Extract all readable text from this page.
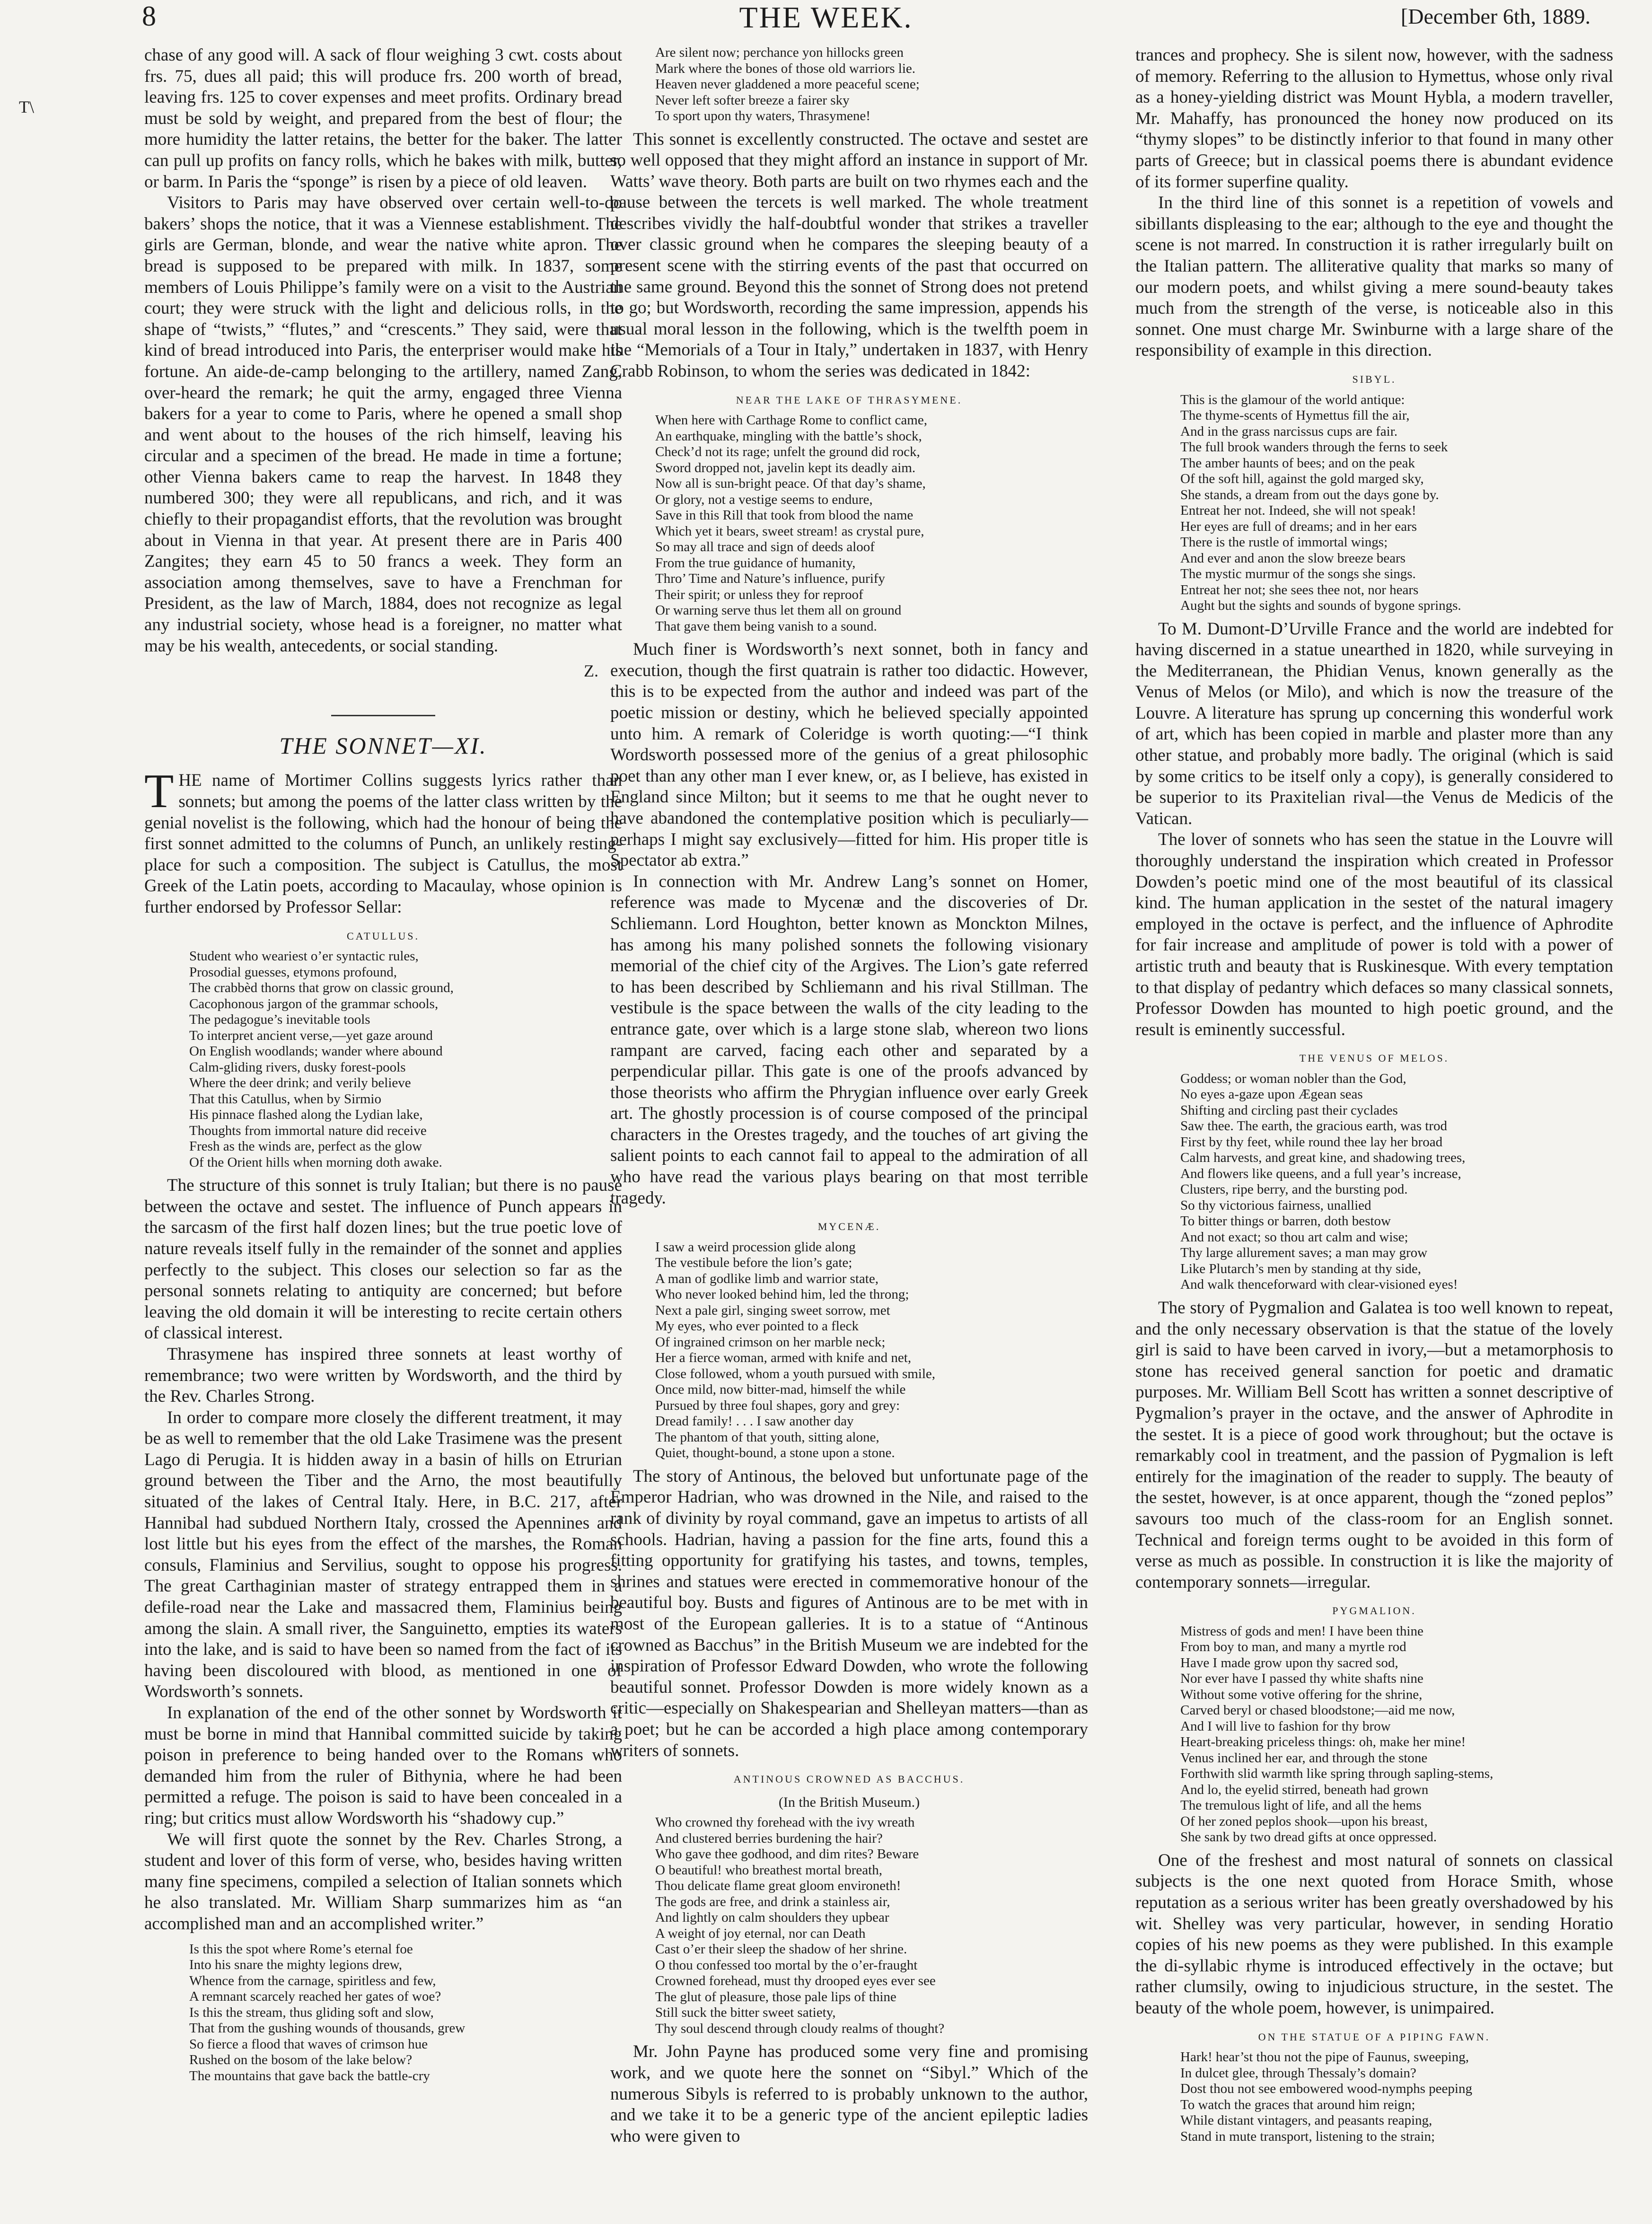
8	THE WEEK.	[December 6th, 1889.
T\

chase of any good will. A sack of flour weighing 3 cwt. costs about frs. 75, dues all paid; this will produce frs. 200 worth of bread, leaving frs. 125 to cover expenses and meet profits. Ordinary bread must be sold by weight, and prepared from the best of flour; the more humidity the latter retains, the better for the baker. The latter can pull up profits on fancy rolls, which he bakes with milk, butter, or barm. In Paris the “sponge” is risen by a piece of old leaven.

Visitors to Paris may have observed over certain well-to-do bakers’ shops the notice, that it was a Viennese establishment. The girls are German, blonde, and wear the native white apron. The bread is supposed to be prepared with milk. In 1837, some members of Louis Philippe’s family were on a visit to the Austrian court; they were struck with the light and delicious rolls, in the shape of “twists,” “flutes,” and “crescents.” They said, were that kind of bread introduced into Paris, the enterpriser would make his fortune. An aide-de-camp belonging to the artillery, named Zang, over-heard the remark; he quit the army, engaged three Vienna bakers for a year to come to Paris, where he opened a small shop and went about to the houses of the rich himself, leaving his circular and a specimen of the bread. He made in time a fortune; other Vienna bakers came to reap the harvest. In 1848 they numbered 300; they were all republicans, and rich, and it was chiefly to their propagandist efforts, that the revolution was brought about in Vienna in that year. At present there are in Paris 400 Zangites; they earn 45 to 50 francs a week. They form an association among themselves, save to have a Frenchman for President, as the law of March, 1884, does not recognize as legal any industrial society, whose head is a foreigner, no matter what may be his wealth, antecedents, or social standing.

Z.
THE SONNET—XI.

THE name of Mortimer Collins suggests lyrics rather than sonnets; but among the poems of the latter class written by the genial novelist is the following, which had the honour of being the first sonnet admitted to the columns of Punch, an unlikely resting-place for such a composition. The subject is Catullus, the most Greek of the Latin poets, according to Macaulay, whose opinion is further endorsed by Professor Sellar:

CATULLUS.
Student who weariest o’er syntactic rules,
Prosodial guesses, etymons profound,
The crabbèd thorns that grow on classic ground,
Cacophonous jargon of the grammar schools,
The pedagogue’s inevitable tools
To interpret ancient verse,—yet gaze around
On English woodlands; wander where abound
Calm-gliding rivers, dusky forest-pools
Where the deer drink; and verily believe
That this Catullus, when by Sirmio
His pinnace flashed along the Lydian lake,
Thoughts from immortal nature did receive
Fresh as the winds are, perfect as the glow
Of the Orient hills when morning doth awake.

The structure of this sonnet is truly Italian; but there is no pause between the octave and sestet. The influence of Punch appears in the sarcasm of the first half dozen lines; but the true poetic love of nature reveals itself fully in the remainder of the sonnet and applies perfectly to the subject. This closes our selection so far as the personal sonnets relating to antiquity are concerned; but before leaving the old domain it will be interesting to recite certain others of classical interest.

Thrasymene has inspired three sonnets at least worthy of remembrance; two were written by Wordsworth, and the third by the Rev. Charles Strong.

In order to compare more closely the different treatment, it may be as well to remember that the old Lake Trasimene was the present Lago di Perugia. It is hidden away in a basin of hills on Etrurian ground between the Tiber and the Arno, the most beautifully situated of the lakes of Central Italy. Here, in B.C. 217, after Hannibal had subdued Northern Italy, crossed the Apennines and lost little but his eyes from the effect of the marshes, the Roman consuls, Flaminius and Servilius, sought to oppose his progress. The great Carthaginian master of strategy entrapped them in a defile-road near the Lake and massacred them, Flaminius being among the slain. A small river, the Sanguinetto, empties its waters into the lake, and is said to have been so named from the fact of its having been discoloured with blood, as mentioned in one of Wordsworth’s sonnets.

In explanation of the end of the other sonnet by Wordsworth it must be borne in mind that Hannibal committed suicide by taking poison in preference to being handed over to the Romans who demanded him from the ruler of Bithynia, where he had been permitted a refuge. The poison is said to have been concealed in a ring; but critics must allow Wordsworth his “shadowy cup.”

We will first quote the sonnet by the Rev. Charles Strong, a student and lover of this form of verse, who, besides having written many fine specimens, compiled a selection of Italian sonnets which he also translated. Mr. William Sharp summarizes him as “an accomplished man and an accomplished writer.”

Is this the spot where Rome’s eternal foe
Into his snare the mighty legions drew,
Whence from the carnage, spiritless and few,
A remnant scarcely reached her gates of woe?
Is this the stream, thus gliding soft and slow,
That from the gushing wounds of thousands, grew
So fierce a flood that waves of crimson hue
Rushed on the bosom of the lake below?
The mountains that gave back the battle-cry
Are silent now; perchance yon hillocks green
Mark where the bones of those old warriors lie.
Heaven never gladdened a more peaceful scene;
Never left softer breeze a fairer sky
To sport upon thy waters, Thrasymene!

This sonnet is excellently constructed. The octave and sestet are so well opposed that they might afford an instance in support of Mr. Watts’ wave theory. Both parts are built on two rhymes each and the pause between the tercets is well marked. The whole treatment describes vividly the half-doubtful wonder that strikes a traveller over classic ground when he compares the sleeping beauty of a present scene with the stirring events of the past that occurred on the same ground. Beyond this the sonnet of Strong does not pretend to go; but Wordsworth, recording the same impression, appends his usual moral lesson in the following, which is the twelfth poem in the “Memorials of a Tour in Italy,” undertaken in 1837, with Henry Crabb Robinson, to whom the series was dedicated in 1842:

NEAR THE LAKE OF THRASYMENE.
When here with Carthage Rome to conflict came,
An earthquake, mingling with the battle’s shock,
Check’d not its rage; unfelt the ground did rock,
Sword dropped not, javelin kept its deadly aim.
Now all is sun-bright peace. Of that day’s shame,
Or glory, not a vestige seems to endure,
Save in this Rill that took from blood the name
Which yet it bears, sweet stream! as crystal pure,
So may all trace and sign of deeds aloof
From the true guidance of humanity,
Thro’ Time and Nature’s influence, purify
Their spirit; or unless they for reproof
Or warning serve thus let them all on ground
That gave them being vanish to a sound.

Much finer is Wordsworth’s next sonnet, both in fancy and execution, though the first quatrain is rather too didactic. However, this is to be expected from the author and indeed was part of the poetic mission or destiny, which he believed specially appointed unto him. A remark of Coleridge is worth quoting:—“I think Wordsworth possessed more of the genius of a great philosophic poet than any other man I ever knew, or, as I believe, has existed in England since Milton; but it seems to me that he ought never to have abandoned the contemplative position which is peculiarly—perhaps I might say exclusively—fitted for him. His proper title is Spectator ab extra.”

In connection with Mr. Andrew Lang’s sonnet on Homer, reference was made to Mycenæ and the discoveries of Dr. Schliemann. Lord Houghton, better known as Monckton Milnes, has among his many polished sonnets the following visionary memorial of the chief city of the Argives. The Lion’s gate referred to has been described by Schliemann and his rival Stillman. The vestibule is the space between the walls of the city leading to the entrance gate, over which is a large stone slab, whereon two lions rampant are carved, facing each other and separated by a perpendicular pillar. This gate is one of the proofs advanced by those theorists who affirm the Phrygian influence over early Greek art. The ghostly procession is of course composed of the principal characters in the Orestes tragedy, and the touches of art giving the salient points to each cannot fail to appeal to the admiration of all who have read the various plays bearing on that most terrible tragedy.

MYCENÆ.
I saw a weird procession glide along
The vestibule before the lion’s gate;
A man of godlike limb and warrior state,
Who never looked behind him, led the throng;
Next a pale girl, singing sweet sorrow, met
My eyes, who ever pointed to a fleck
Of ingrained crimson on her marble neck;
Her a fierce woman, armed with knife and net,
Close followed, whom a youth pursued with smile,
Once mild, now bitter-mad, himself the while
Pursued by three foul shapes, gory and grey:
Dread family! . . . I saw another day
The phantom of that youth, sitting alone,
Quiet, thought-bound, a stone upon a stone.

The story of Antinous, the beloved but unfortunate page of the Emperor Hadrian, who was drowned in the Nile, and raised to the rank of divinity by royal command, gave an impetus to artists of all schools. Hadrian, having a passion for the fine arts, found this a fitting opportunity for gratifying his tastes, and towns, temples, shrines and statues were erected in commemorative honour of the beautiful boy. Busts and figures of Antinous are to be met with in most of the European galleries. It is to a statue of “Antinous crowned as Bacchus” in the British Museum we are indebted for the inspiration of Professor Edward Dowden, who wrote the following beautiful sonnet. Professor Dowden is more widely known as a critic—especially on Shakespearian and Shelleyan matters—than as a poet; but he can be accorded a high place among contemporary writers of sonnets.

ANTINOUS CROWNED AS BACCHUS.
(In the British Museum.)
Who crowned thy forehead with the ivy wreath
And clustered berries burdening the hair?
Who gave thee godhood, and dim rites? Beware
O beautiful! who breathest mortal breath,
Thou delicate flame great gloom environeth!
The gods are free, and drink a stainless air,
And lightly on calm shoulders they upbear
A weight of joy eternal, nor can Death
Cast o’er their sleep the shadow of her shrine.
O thou confessed too mortal by the o’er-fraught
Crowned forehead, must thy drooped eyes ever see
The glut of pleasure, those pale lips of thine
Still suck the bitter sweet satiety,
Thy soul descend through cloudy realms of thought?

Mr. John Payne has produced some very fine and promising work, and we quote here the sonnet on “Sibyl.” Which of the numerous Sibyls is referred to is probably unknown to the author, and we take it to be a generic type of the ancient epileptic ladies who were given to

trances and prophecy. She is silent now, however, with the sadness of memory. Referring to the allusion to Hymettus, whose only rival as a honey-yielding district was Mount Hybla, a modern traveller, Mr. Mahaffy, has pronounced the honey now produced on its “thymy slopes” to be distinctly inferior to that found in many other parts of Greece; but in classical poems there is abundant evidence of its former superfine quality.

In the third line of this sonnet is a repetition of vowels and sibillants displeasing to the ear; although to the eye and thought the scene is not marred. In construction it is rather irregularly built on the Italian pattern. The alliterative quality that marks so many of our modern poets, and whilst giving a mere sound-beauty takes much from the strength of the verse, is noticeable also in this sonnet. One must charge Mr. Swinburne with a large share of the responsibility of example in this direction.

SIBYL.
This is the glamour of the world antique:
The thyme-scents of Hymettus fill the air,
And in the grass narcissus cups are fair.
The full brook wanders through the ferns to seek
The amber haunts of bees; and on the peak
Of the soft hill, against the gold marged sky,
She stands, a dream from out the days gone by.
Entreat her not. Indeed, she will not speak!
Her eyes are full of dreams; and in her ears
There is the rustle of immortal wings;
And ever and anon the slow breeze bears
The mystic murmur of the songs she sings.
Entreat her not; she sees thee not, nor hears
Aught but the sights and sounds of bygone springs.

To M. Dumont-D’Urville France and the world are indebted for having discerned in a statue unearthed in 1820, while surveying in the Mediterranean, the Phidian Venus, known generally as the Venus of Melos (or Milo), and which is now the treasure of the Louvre. A literature has sprung up concerning this wonderful work of art, which has been copied in marble and plaster more than any other statue, and probably more badly. The original (which is said by some critics to be itself only a copy), is generally considered to be superior to its Praxitelian rival—the Venus de Medicis of the Vatican.

The lover of sonnets who has seen the statue in the Louvre will thoroughly understand the inspiration which created in Professor Dowden’s poetic mind one of the most beautiful of its classical kind. The human application in the sestet of the natural imagery employed in the octave is perfect, and the influence of Aphrodite for fair increase and amplitude of power is told with a power of artistic truth and beauty that is Ruskinesque. With every temptation to that display of pedantry which defaces so many classical sonnets, Professor Dowden has mounted to high poetic ground, and the result is eminently successful.

THE VENUS OF MELOS.
Goddess; or woman nobler than the God,
No eyes a-gaze upon Ægean seas
Shifting and circling past their cyclades
Saw thee. The earth, the gracious earth, was trod
First by thy feet, while round thee lay her broad
Calm harvests, and great kine, and shadowing trees,
And flowers like queens, and a full year’s increase,
Clusters, ripe berry, and the bursting pod.
So thy victorious fairness, unallied
To bitter things or barren, doth bestow
And not exact; so thou art calm and wise;
Thy large allurement saves; a man may grow
Like Plutarch’s men by standing at thy side,
And walk thenceforward with clear-visioned eyes!

The story of Pygmalion and Galatea is too well known to repeat, and the only necessary observation is that the statue of the lovely girl is said to have been carved in ivory,—but a metamorphosis to stone has received general sanction for poetic and dramatic purposes. Mr. William Bell Scott has written a sonnet descriptive of Pygmalion’s prayer in the octave, and the answer of Aphrodite in the sestet. It is a piece of good work throughout; but the octave is remarkably cool in treatment, and the passion of Pygmalion is left entirely for the imagination of the reader to supply. The beauty of the sestet, however, is at once apparent, though the “zoned peplos” savours too much of the class-room for an English sonnet. Technical and foreign terms ought to be avoided in this form of verse as much as possible. In construction it is like the majority of contemporary sonnets—irregular.

PYGMALION.
Mistress of gods and men! I have been thine
From boy to man, and many a myrtle rod
Have I made grow upon thy sacred sod,
Nor ever have I passed thy white shafts nine
Without some votive offering for the shrine,
Carved beryl or chased bloodstone;—aid me now,
And I will live to fashion for thy brow
Heart-breaking priceless things: oh, make her mine!
Venus inclined her ear, and through the stone
Forthwith slid warmth like spring through sapling-stems,
And lo, the eyelid stirred, beneath had grown
The tremulous light of life, and all the hems
Of her zoned peplos shook—upon his breast,
She sank by two dread gifts at once oppressed.

One of the freshest and most natural of sonnets on classical subjects is the one next quoted from Horace Smith, whose reputation as a serious writer has been greatly overshadowed by his wit. Shelley was very particular, however, in sending Horatio copies of his new poems as they were published. In this example the di-syllabic rhyme is introduced effectively in the octave; but rather clumsily, owing to injudicious structure, in the sestet. The beauty of the whole poem, however, is unimpaired.

ON THE STATUE OF A PIPING FAWN.
Hark! hear’st thou not the pipe of Faunus, sweeping,
In dulcet glee, through Thessaly’s domain?
Dost thou not see embowered wood-nymphs peeping
To watch the graces that around him reign;
While distant vintagers, and peasants reaping,
Stand in mute transport, listening to the strain;
